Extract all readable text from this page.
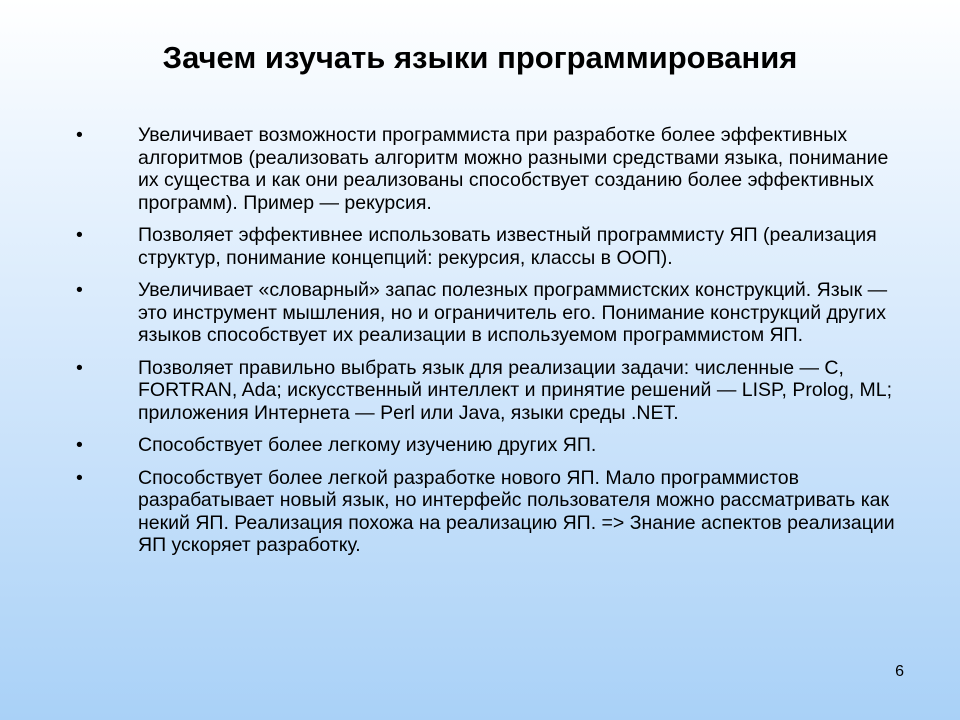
Зачем изучать языки программирования
•	Увеличивает возможности программиста при разработке более эффективных алгоритмов (реализовать алгоритм можно разными средствами языка, понимание их существа и как они реализованы способствует созданию более эффективных программ). Пример — рекурсия.
•	Позволяет эффективнее использовать известный программисту ЯП (реализация структур, понимание концепций: рекурсия, классы в ООП).
•	Увеличивает «словарный» запас полезных программистских конструкций. Язык — это инструмент мышления, но и ограничитель его. Понимание конструкций других языков способствует их реализации в используемом программистом ЯП.
•	Позволяет правильно выбрать язык для реализации задачи: численные — C, FORTRAN, Ada; искусственный интеллект и принятие решений — LISP, Prolog, ML; приложения Интернета — Perl или Java, языки среды .NET.
•	Способствует более легкому изучению других ЯП.
•	Способствует более легкой разработке нового ЯП. Мало программистов разрабатывает новый язык, но интерфейс пользователя можно рассматривать как некий ЯП. Реализация похожа на реализацию ЯП. => Знание аспектов реализации ЯП ускоряет разработку.
6
